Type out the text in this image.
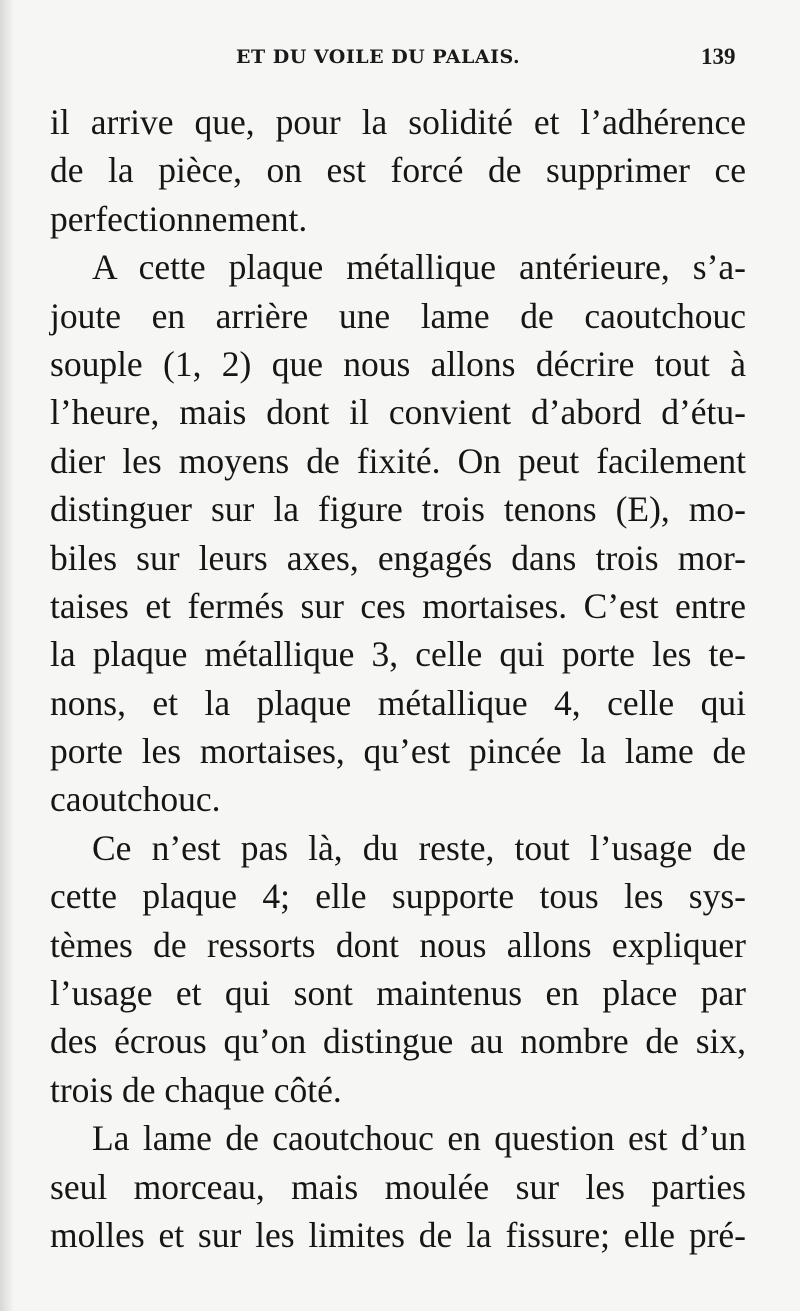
ET DU VOILE DU PALAIS.	139
il arrive que, pour la solidité et l’adhérence
de la pièce, on est forcé de supprimer ce
perfectionnement.
A cette plaque métallique antérieure, s’a-
joute en arrière une lame de caoutchouc
souple (1, 2) que nous allons décrire tout à
l’heure, mais dont il convient d’abord d’étu-
dier les moyens de fixité. On peut facilement
distinguer sur la figure trois tenons (E), mo-
biles sur leurs axes, engagés dans trois mor-
taises et fermés sur ces mortaises. C’est entre
la plaque métallique 3, celle qui porte les te-
nons, et la plaque métallique 4, celle qui
porte les mortaises, qu’est pincée la lame de
caoutchouc.
Ce n’est pas là, du reste, tout l’usage de
cette plaque 4; elle supporte tous les sys-
tèmes de ressorts dont nous allons expliquer
l’usage et qui sont maintenus en place par
des écrous qu’on distingue au nombre de six,
trois de chaque côté.
La lame de caoutchouc en question est d’un
seul morceau, mais moulée sur les parties
molles et sur les limites de la fissure; elle pré-
